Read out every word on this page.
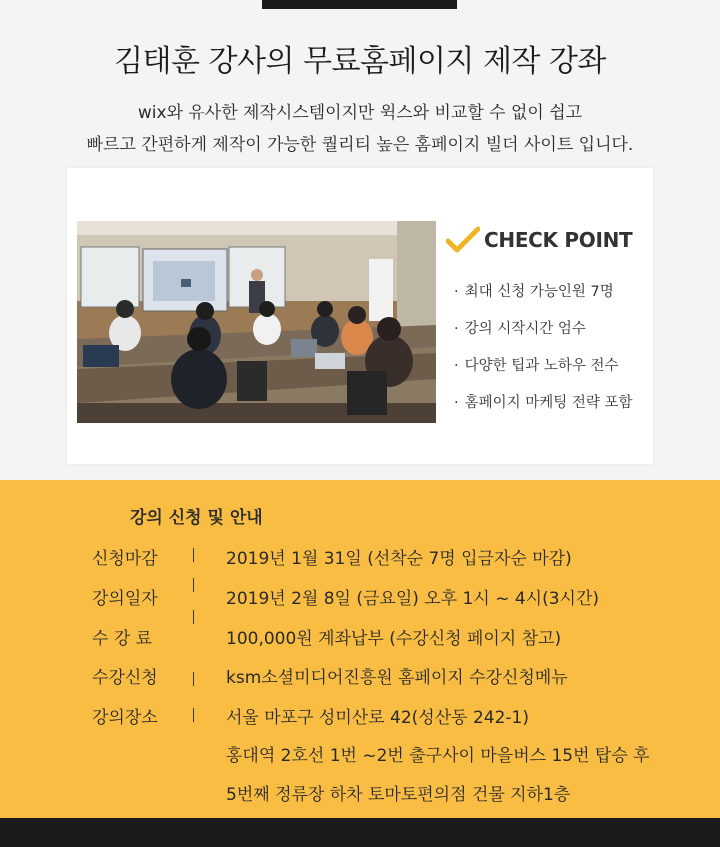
김태훈 강사의 무료홈페이지 제작 강좌

wix와 유사한 제작시스템이지만 윅스와 비교할 수 없이 쉽고

빠르고 간편하게 제작이 가능한 퀄리티 높은 홈페이지 빌더 사이트 입니다.

CHECK POINT
· 최대 신청 가능인원 7명
· 강의 시작시간 엄수
· 다양한 팁과 노하우 전수
· 홈페이지 마케팅 전략 포함
강의 신청 및 안내
신청마감	2019년 1월 31일 (선착순 7명 입금자순 마감)
강의일자	2019년 2월 8일 (금요일) 오후 1시 ~ 4시(3시간)
수 강 료	100,000원 계좌납부 (수강신청 페이지 참고)
수강신청	ksm소셜미디어진흥원 홈페이지 수강신청메뉴
강의장소	서울 마포구 성미산로 42(성산동 242-1)
홍대역 2호선 1번 ~2번 출구사이 마을버스 15번 탑승 후
5번째 정류장 하차 토마토편의점 건물 지하1층
